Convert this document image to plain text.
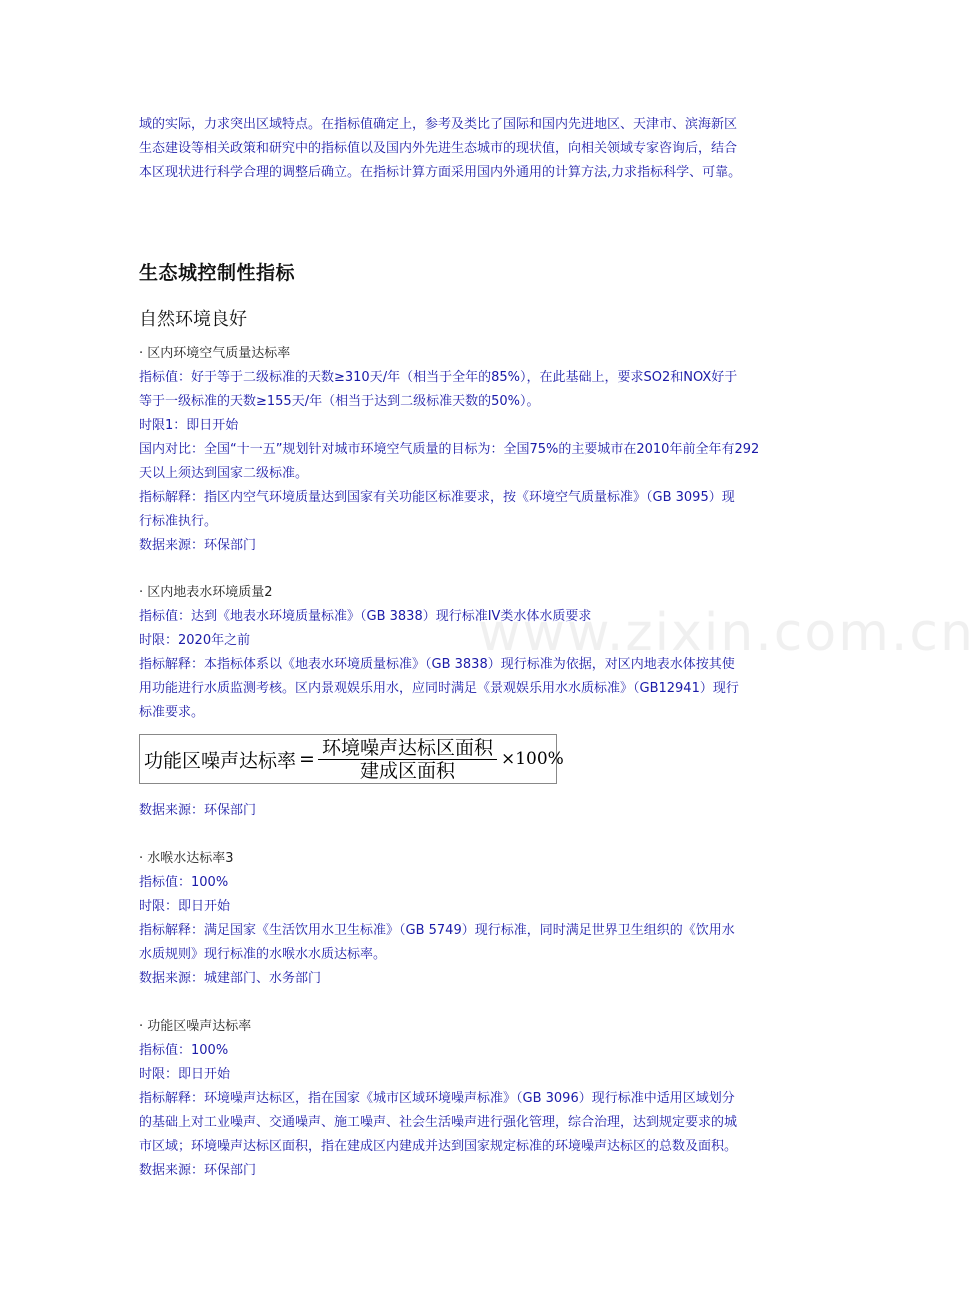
域的实际，力求突出区域特点。在指标值确定上，参考及类比了国际和国内先进地区、天津市、滨海新区
生态建设等相关政策和研究中的指标值以及国内外先进生态城市的现状值，向相关领域专家咨询后，结合
本区现状进行科学合理的调整后确立。在指标计算方面采用国内外通用的计算方法,力求指标科学、可靠。
生态城控制性指标
自然环境良好

· 区内环境空气质量达标率

指标值：好于等于二级标准的天数≥310天/年（相当于全年的85%），在此基础上，要求SO2和NOX好于

等于一级标准的天数≥155天/年（相当于达到二级标准天数的50%）。

时限1：即日开始

国内对比：全国“十一五”规划针对城市环境空气质量的目标为：全国75%的主要城市在2010年前全年有292

天以上须达到国家二级标准。

指标解释：指区内空气环境质量达到国家有关功能区标准要求，按《环境空气质量标准》（GB 3095）现

行标准执行。

数据来源：环保部门

· 区内地表水环境质量2

指标值：达到《地表水环境质量标准》（GB 3838）现行标准IV类水体水质要求

时限：2020年之前

指标解释：本指标体系以《地表水环境质量标准》（GB 3838）现行标准为依据，对区内地表水体按其使

用功能进行水质监测考核。区内景观娱乐用水，应同时满足《景观娱乐用水水质标准》（GB12941）现行

标准要求。

功能区噪声达标率 = $\frac{\text{环境噪声达标区面积}}{\text{建成区面积}} \times 100\%$

数据来源：环保部门

· 水喉水达标率3

指标值：100%

时限：即日开始

指标解释：满足国家《生活饮用水卫生标准》（GB 5749）现行标准，同时满足世界卫生组织的《饮用水

水质规则》现行标准的水喉水水质达标率。

数据来源：城建部门、水务部门

· 功能区噪声达标率

指标值：100%

时限：即日开始

指标解释：环境噪声达标区，指在国家《城市区域环境噪声标准》（GB 3096）现行标准中适用区域划分

的基础上对工业噪声、交通噪声、施工噪声、社会生活噪声进行强化管理，综合治理，达到规定要求的城

市区域；环境噪声达标区面积，指在建成区内建成并达到国家规定标准的环境噪声达标区的总数及面积。

数据来源：环保部门

www.zixin.com.cn
